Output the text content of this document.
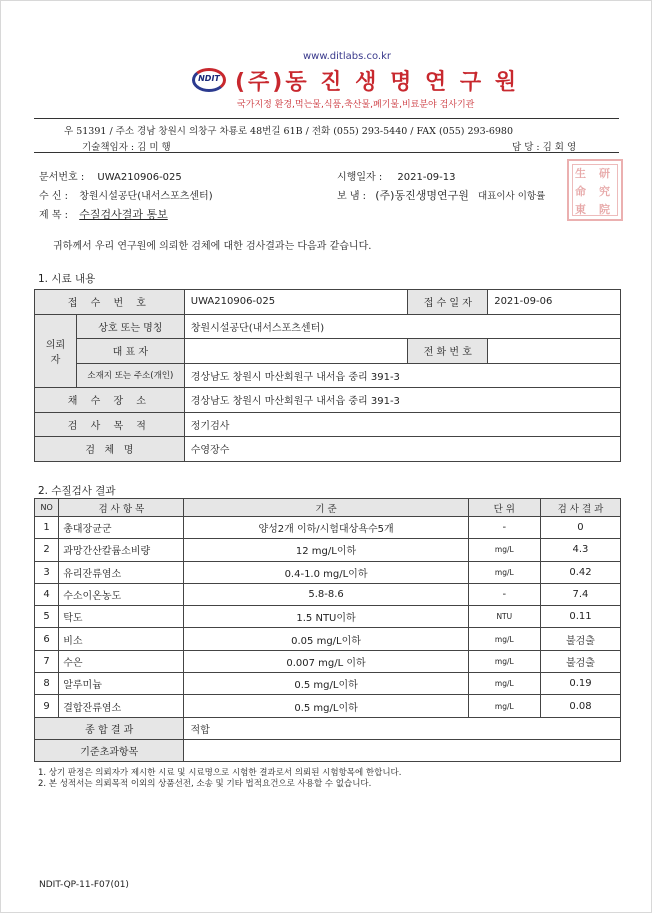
www.ditlabs.co.kr
NDIT (주)동 진 생 명 연 구 원
국가지정 환경,먹는물,식품,축산물,폐기물,비료분야 검사기관
우 51391 / 주소 경남 창원시 의창구 차룡로 48번길 61B / 전화 (055) 293-5440 / FAX (055) 293-6980
기술책임자 : 김 미 행	담 당 : 김 회 영
문서번호 : UWA210906-025	시행일자 : 2021-09-13
수 신 : 창원시설공단(내서스포츠센터)	보 냄 : (주)동진생명연구원 대표이사 이항률
제 목 : 수질검사결과 통보
生 研
命 究
東 院
귀하께서 우리 연구원에 의뢰한 검체에 대한 검사결과는 다음과 같습니다.
1. 시료 내용
접 수 번 호		UWA210906-025	접 수 일 자	2021-09-06
의뢰자	상호 또는 명칭	창원시설공단(내서스포츠센터)		
	대 표 자		전 화 번 호	
	소재지 또는 주소(개인)	경상남도 창원시 마산회원구 내서읍 중리 391-3		
채 수 장 소		경상남도 창원시 마산회원구 내서읍 중리 391-3		
검 사 목 적		정기검사		
검   체   명		수영장수		
2. 수질검사 결과
NO	검 사 항 목	기 준	단 위	검 사 결 과
1	총대장균군	양성2개 이하/시험대상욕수5개	-	0
2	과망간산칼륨소비량	12 mg/L이하	mg/L	4.3
3	유리잔류염소	0.4-1.0 mg/L이하	mg/L	0.42
4	수소이온농도	5.8-8.6	-	7.4
5	탁도	1.5 NTU이하	NTU	0.11
6	비소	0.05 mg/L이하	mg/L	불검출
7	수은	0.007 mg/L 이하	mg/L	불검출
8	알루미늄	0.5 mg/L이하	mg/L	0.19
9	결합잔류염소	0.5 mg/L이하	mg/L	0.08
종 합 결 과		적합		
기준초과항목				
1. 상기 판정은 의뢰자가 제시한 시료 및 시료명으로 시험한 결과로서 의뢰된 시험항목에 한합니다.
2. 본 성적서는 의뢰목적 이외의 상품선전, 소송 및 기타 법적요건으로 사용할 수 없습니다.
NDIT-QP-11-F07(01)
